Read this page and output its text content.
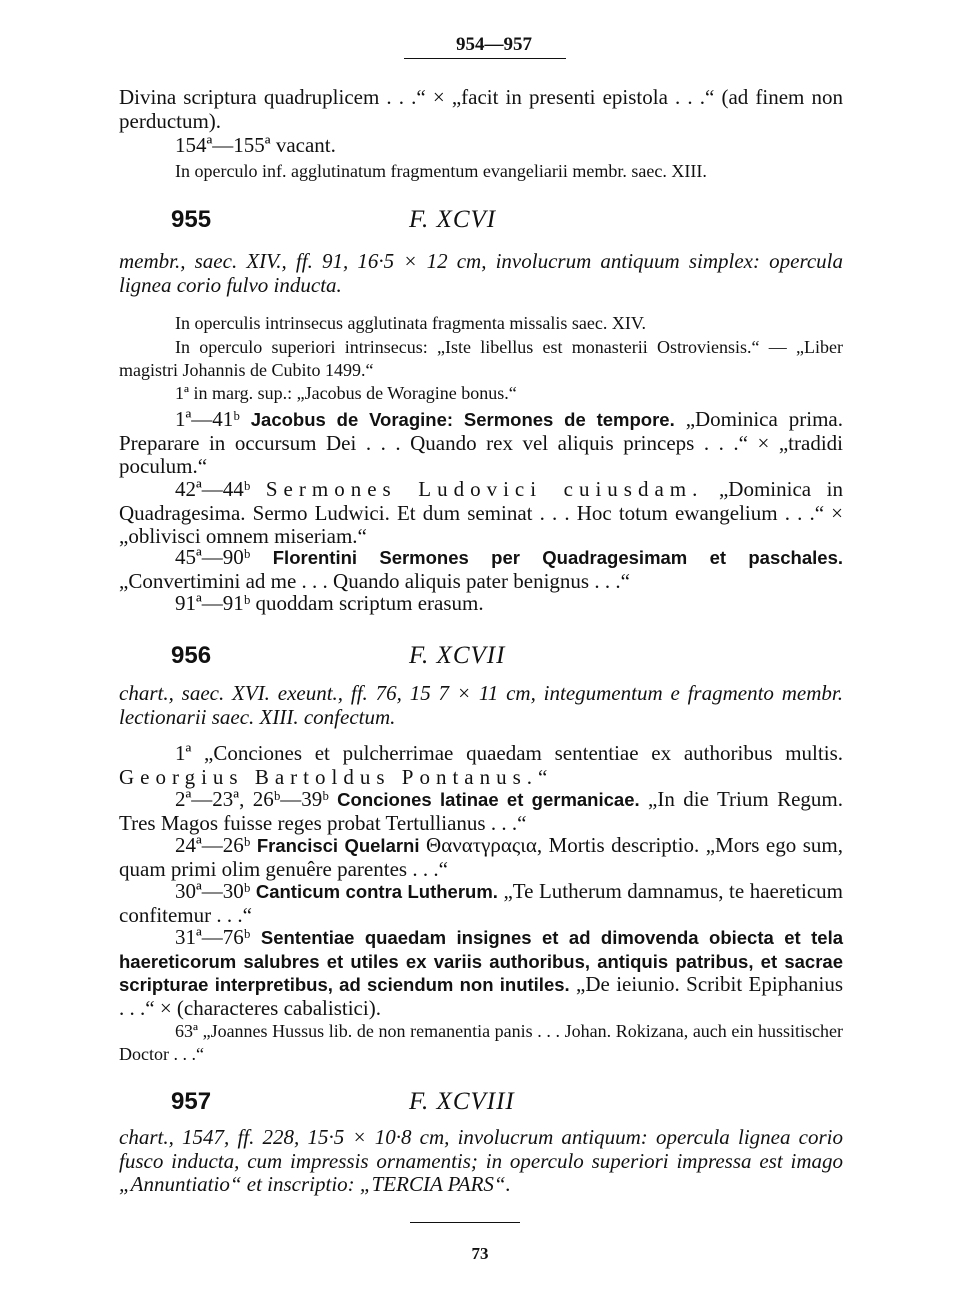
954—957

Divina scriptura quadruplicem . . .“ × „facit in presenti epistola . . .“ (ad finem non perductum).

154ª—155ª vacant.

In operculo inf. agglutinatum fragmentum evangeliarii membr. saec. XIII.

955	F. XCVI

membr., saec. XIV., ff. 91, 16·5 × 12 cm, involucrum antiquum simplex: opercula lignea corio fulvo inducta.

In operculis intrinsecus agglutinata fragmenta missalis saec. XIV.

In operculo superiori intrinsecus: „Iste libellus est monasterii Ostroviensis.“ — „Liber magistri Johannis de Cubito 1499.“

1ª in marg. sup.: „Jacobus de Woragine bonus.“

1ª—41ᵇ Jacobus de Voragine: Sermones de tempore. „Dominica prima. Preparare in occursum Dei . . . Quando rex vel aliquis princeps . . .“ × „tradidi poculum.“

42ª—44ᵇ Sermones Ludovici cuiusdam. „Dominica in Quadragesima. Sermo Ludwici. Et dum seminat . . . Hoc totum ewangelium . . .“ × „oblivisci omnem miseriam.“

45ª—90ᵇ Florentini Sermones per Quadragesimam et paschales. „Convertimini ad me . . . Quando aliquis pater benignus . . .“

91ª—91ᵇ quoddam scriptum erasum.

956	F. XCVII

chart., saec. XVI. exeunt., ff. 76, 15 7 × 11 cm, integumentum e fragmento membr. lectionarii saec. XIII. confectum.

1ª „Conciones et pulcherrimae quaedam sententiae ex authoribus multis. Georgius Bartoldus Pontanus.“

2ª—23ª, 26ᵇ—39ᵇ Conciones latinae et germanicae. „In die Trium Regum. Tres Magos fuisse reges probat Tertullianus . . .“

24ª—26ᵇ Francisci Quelarni Θανατγραςια, Mortis descriptio. „Mors ego sum, quam primi olim genuêre parentes . . .“

30ª—30ᵇ Canticum contra Lutherum. „Te Lutherum damnamus, te haereticum confitemur . . .“

31ª—76ᵇ Sententiae quaedam insignes et ad dimovenda obiecta et tela haereticorum salubres et utiles ex variis authoribus, antiquis patribus, et sacrae scripturae interpretibus, ad sciendum non inutiles. „De ieiunio. Scribit Epiphanius . . .“ × (characteres cabalistici).

63ª „Joannes Hussus lib. de non remanentia panis . . . Johan. Rokizana, auch ein hussitischer Doctor . . .“

957	F. XCVIII

chart., 1547, ff. 228, 15·5 × 10·8 cm, involucrum antiquum: opercula lignea corio fusco inducta, cum impressis ornamentis; in operculo superiori impressa est imago „Annuntiatio“ et inscriptio: „TERCIA PARS“.

73
